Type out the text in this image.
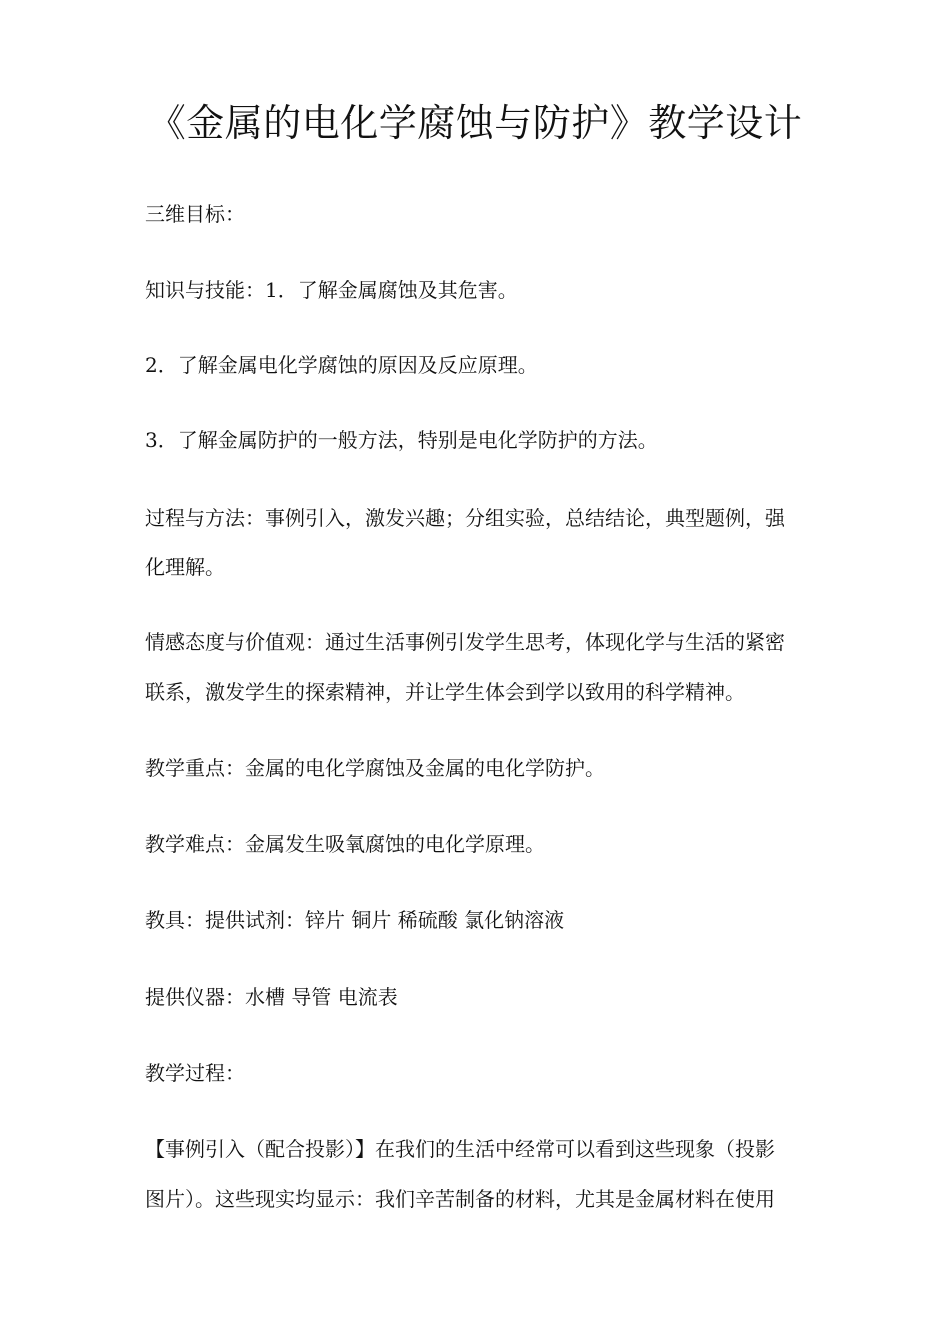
《金属的电化学腐蚀与防护》教学设计
三维目标：
知识与技能：1．了解金属腐蚀及其危害。
2．了解金属电化学腐蚀的原因及反应原理。
3．了解金属防护的一般方法，特别是电化学防护的方法。
过程与方法：事例引入，激发兴趣；分组实验，总结结论，典型题例，强
化理解。
情感态度与价值观：通过生活事例引发学生思考，体现化学与生活的紧密
联系，激发学生的探索精神，并让学生体会到学以致用的科学精神。
教学重点：金属的电化学腐蚀及金属的电化学防护。
教学难点：金属发生吸氧腐蚀的电化学原理。
教具：提供试剂：锌片 铜片 稀硫酸 氯化钠溶液
提供仪器：水槽 导管 电流表
教学过程：
【事例引入（配合投影）】在我们的生活中经常可以看到这些现象（投影
图片）。这些现实均显示：我们辛苦制备的材料，尤其是金属材料在使用
